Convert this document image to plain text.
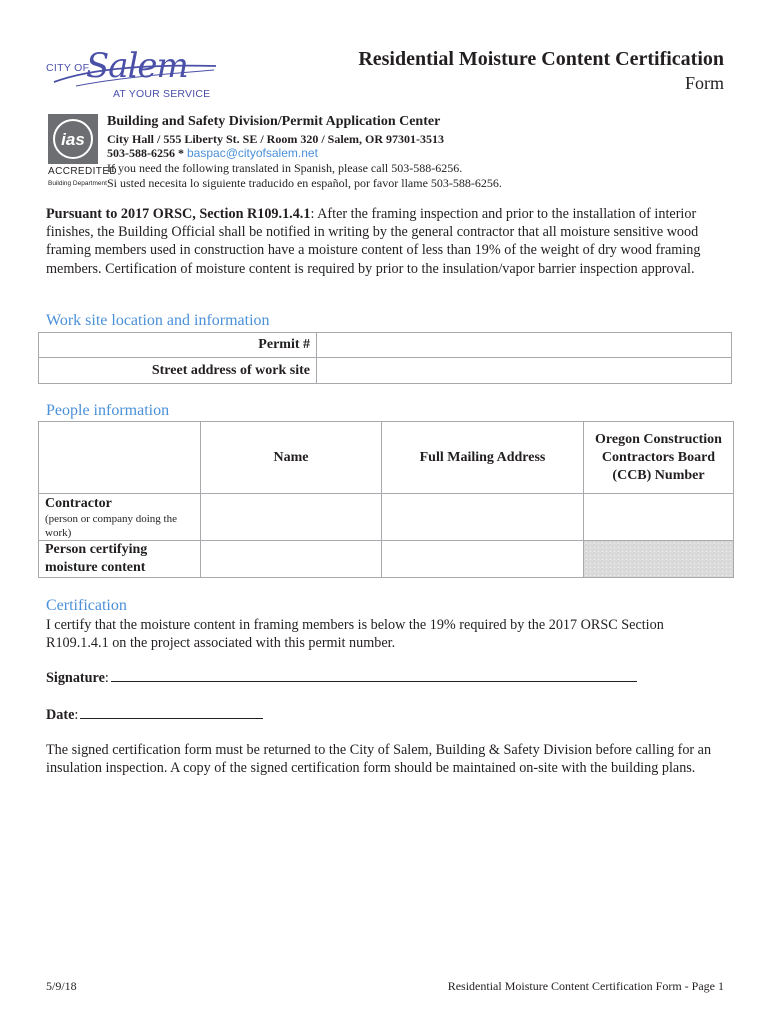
CITY OF
Salem
AT YOUR SERVICE
Residential Moisture Content Certification
Form
ias
ACCREDITED
Building Department
Building and Safety Division/Permit Application Center
City Hall / 555 Liberty St. SE / Room 320 / Salem, OR 97301-3513
503-588-6256 * baspac@cityofsalem.net
If you need the following translated in Spanish, please call 503-588-6256.
Si usted necesita lo siguiente traducido en español, por favor llame 503-588-6256.
Pursuant to 2017 ORSC, Section R109.1.4.1: After the framing inspection and prior to the installation of interior finishes, the Building Official shall be notified in writing by the general contractor that all moisture sensitive wood framing members used in construction have a moisture content of less than 19% of the weight of dry wood framing members. Certification of moisture content is required by prior to the insulation/vapor barrier inspection approval.
Work site location and information
Permit #	
Street address of work site	
People information
	Name	Full Mailing Address	Oregon Construction Contractors Board (CCB) Number

Contractor
(person or company doing the work)			

Person certifying moisture content			
Certification
I certify that the moisture content in framing members is below the 19% required by the 2017 ORSC Section R109.1.4.1 on the project associated with this permit number.
Signature:
Date:
The signed certification form must be returned to the City of Salem, Building & Safety Division before calling for an insulation inspection. A copy of the signed certification form should be maintained on-site with the building plans.
5/9/18	Residential Moisture Content Certification Form - Page 1
